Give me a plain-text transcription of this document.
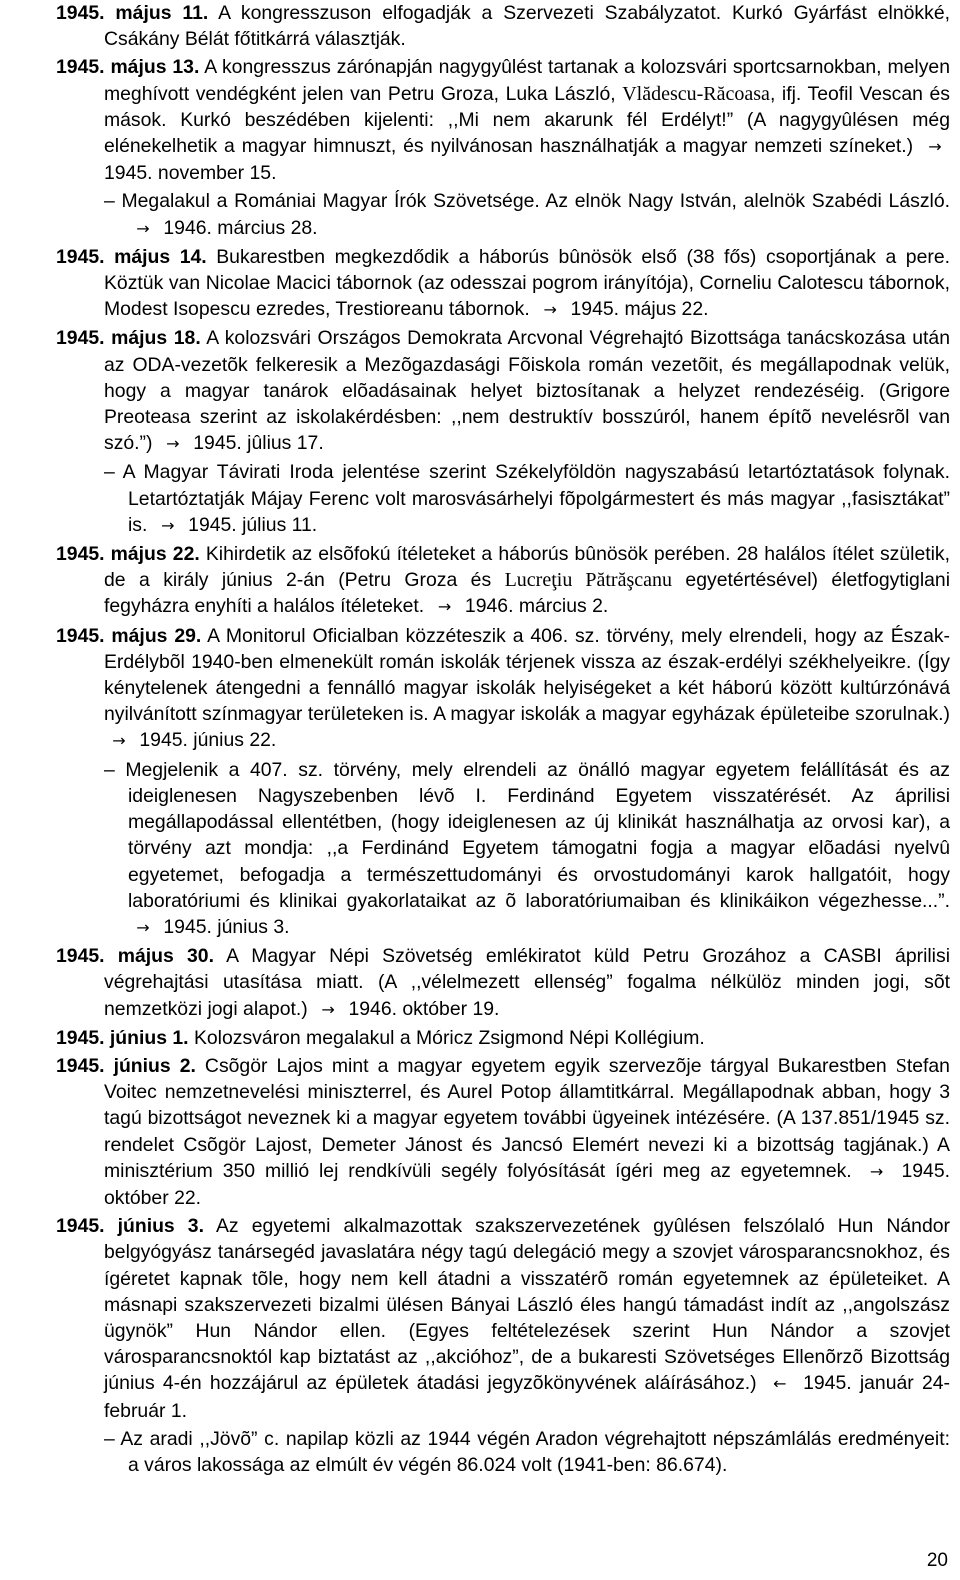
1945. május 11. A kongresszuson elfogadják a Szervezeti Szabályzatot. Kurkó Gyárfást elnökké, Csákány Bélát főtitkárrá választják.

1945. május 13. A kongresszus zárónapján nagygyûlést tartanak a kolozsvári sportcsarnokban, melyen meghívott vendégként jelen van Petru Groza, Luka László, Vlădescu-Răcoasa, ifj. Teofil Vescan és mások. Kurkó beszédében kijelenti: ,,Mi nem akarunk fél Erdélyt!” (A nagygyûlésen még elénekelhetik a magyar himnuszt, és nyilvánosan használhatják a magyar nemzeti színeket.) → 1945. november 15.

– Megalakul a Romániai Magyar Írók Szövetsége. Az elnök Nagy István, alelnök Szabédi László. → 1946. március 28.

1945. május 14. Bukarestben megkezdődik a háborús bûnösök első (38 fős) csoportjának a pere. Köztük van Nicolae Macici tábornok (az odesszai pogrom irányítója), Corneliu Calotescu tábornok, Modest Isopescu ezredes, Trestioreanu tábornok. → 1945. május 22.

1945. május 18. A kolozsvári Országos Demokrata Arcvonal Végrehajtó Bizottsága tanácskozása után az ODA-vezetõk felkeresik a Mezõgazdasági Fõiskola román vezetõit, és megállapodnak velük, hogy a magyar tanárok elõadásainak helyet biztosítanak a helyzet rendezéséig. (Grigore Preoteasa szerint az iskolakérdésben: ,,nem destruktív bosszúról, hanem építõ nevelésrõl van szó.”) → 1945. jûlius 17.

– A Magyar Távirati Iroda jelentése szerint Székelyföldön nagyszabású letartóztatások folynak. Letartóztatják Májay Ferenc volt marosvásárhelyi fõpolgármestert és más magyar ,,fasisztákat” is. → 1945. július 11.

1945. május 22. Kihirdetik az elsõfokú ítéleteket a háborús bûnösök perében. 28 halálos ítélet születik, de a király június 2-án (Petru Groza és Lucreţiu Pătrăşcanu egyetértésével) életfogytiglani fegyházra enyhíti a halálos ítéleteket. → 1946. március 2.

1945. május 29. A Monitorul Oficialban közzéteszik a 406. sz. törvény, mely elrendeli, hogy az Észak-Erdélybõl 1940-ben elmenekült román iskolák térjenek vissza az észak-erdélyi székhelyeikre. (Így kénytelenek átengedni a fennálló magyar iskolák helyiségeket a két háború között kultúrzónává nyilvánított színmagyar területeken is. A magyar iskolák a magyar egyházak épületeibe szorulnak.) → 1945. június 22.

– Megjelenik a 407. sz. törvény, mely elrendeli az önálló magyar egyetem felállítását és az ideiglenesen Nagyszebenben lévõ I. Ferdinánd Egyetem visszatérését. Az áprilisi megállapodással ellentétben, (hogy ideiglenesen az új klinikát használhatja az orvosi kar), a törvény azt mondja: ,,a Ferdinánd Egyetem támogatni fogja a magyar elõadási nyelvû egyetemet, befogadja a természettudományi és orvostudományi karok hallgatóit, hogy laboratóriumi és klinikai gyakorlataikat az õ laboratóriumaiban és klinikáikon végezhesse...”. → 1945. június 3.

1945. május 30. A Magyar Népi Szövetség emlékiratot küld Petru Grozához a CASBI áprilisi végrehajtási utasítása miatt. (A ,,vélelmezett ellenség” fogalma nélkülöz minden jogi, sõt nemzetközi jogi alapot.) → 1946. október 19.

1945. június 1. Kolozsváron megalakul a Móricz Zsigmond Népi Kollégium.

1945. június 2. Csõgör Lajos mint a magyar egyetem egyik szervezõje tárgyal Bukarestben Stefan Voitec nemzetnevelési miniszterrel, és Aurel Potop államtitkárral. Megállapodnak abban, hogy 3 tagú bizottságot neveznek ki a magyar egyetem további ügyeinek intézésére. (A 137.851/1945 sz. rendelet Csõgör Lajost, Demeter Jánost és Jancsó Elemért nevezi ki a bizottság tagjának.) A minisztérium 350 millió lej rendkívüli segély folyósítását ígéri meg az egyetemnek. → 1945. október 22.

1945. június 3. Az egyetemi alkalmazottak szakszervezetének gyûlésen felszólaló Hun Nándor belgyógyász tanársegéd javaslatára négy tagú delegáció megy a szovjet városparancsnokhoz, és ígéretet kapnak tõle, hogy nem kell átadni a visszatérõ román egyetemnek az épületeiket. A másnapi szakszervezeti bizalmi ülésen Bányai László éles hangú támadást indít az ,,angolszász ügynök” Hun Nándor ellen. (Egyes feltételezések szerint Hun Nándor a szovjet városparancsnoktól kap biztatást az ,,akcióhoz”, de a bukaresti Szövetséges Ellenõrzõ Bizottság június 4-én hozzájárul az épületek átadási jegyzõkönyvének aláírásához.) ← 1945. január 24-február 1.

– Az aradi ,,Jövõ” c. napilap közli az 1944 végén Aradon végrehajtott népszámlálás eredményeit: a város lakossága az elmúlt év végén 86.024 volt (1941-ben: 86.674).

20
